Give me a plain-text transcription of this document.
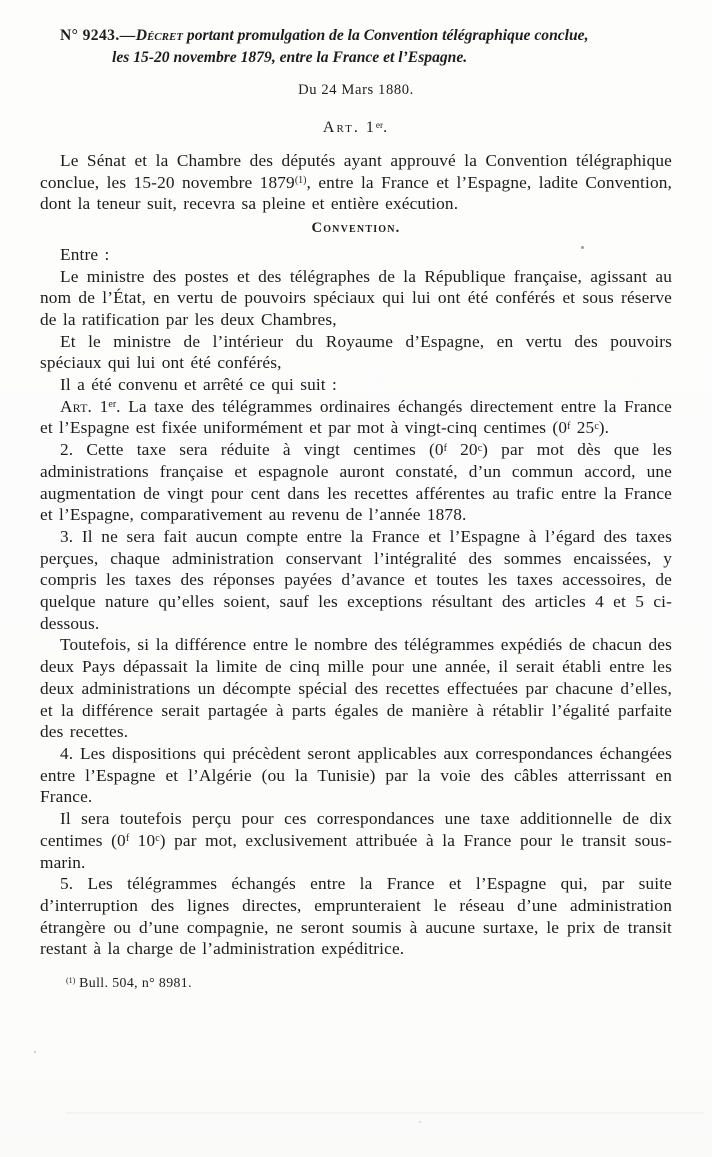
N° 9243.—Décret portant promulgation de la Convention télégraphique conclue,
les 15-20 novembre 1879, entre la France et l’Espagne.
Du 24 Mars 1880.
Art. 1er.

Le Sénat et la Chambre des députés ayant approuvé la Convention télégraphique conclue, les 15-20 novembre 1879$^{(1)}$, entre la France et l’Espagne, ladite Convention, dont la teneur suit, recevra sa pleine et entière exécution.

Convention.

Entre :

Le ministre des postes et des télégraphes de la République française, agissant au nom de l’État, en vertu de pouvoirs spéciaux qui lui ont été conférés et sous réserve de la ratification par les deux Chambres,

Et le ministre de l’intérieur du Royaume d’Espagne, en vertu des pouvoirs spéciaux qui lui ont été conférés,

Il a été convenu et arrêté ce qui suit :

Art. 1er. La taxe des télégrammes ordinaires échangés directement entre la France et l’Espagne est fixée uniformément et par mot à vingt-cinq centimes (0$^f$ 25$^c$).

2. Cette taxe sera réduite à vingt centimes (0$^f$ 20$^c$) par mot dès que les administrations française et espagnole auront constaté, d’un commun accord, une augmentation de vingt pour cent dans les recettes afférentes au trafic entre la France et l’Espagne, comparativement au revenu de l’année 1878.

3. Il ne sera fait aucun compte entre la France et l’Espagne à l’égard des taxes perçues, chaque administration conservant l’intégralité des sommes encaissées, y compris les taxes des réponses payées d’avance et toutes les taxes accessoires, de quelque nature qu’elles soient, sauf les exceptions résultant des articles 4 et 5 ci-dessous.

Toutefois, si la différence entre le nombre des télégrammes expédiés de chacun des deux Pays dépassait la limite de cinq mille pour une année, il serait établi entre les deux administrations un décompte spécial des recettes effectuées par chacune d’elles, et la différence serait partagée à parts égales de manière à rétablir l’égalité parfaite des recettes.

4. Les dispositions qui précèdent seront applicables aux correspondances échangées entre l’Espagne et l’Algérie (ou la Tunisie) par la voie des câbles atterrissant en France.

Il sera toutefois perçu pour ces correspondances une taxe additionnelle de dix centimes (0$^f$ 10$^c$) par mot, exclusivement attribuée à la France pour le transit sous-marin.

5. Les télégrammes échangés entre la France et l’Espagne qui, par suite d’interruption des lignes directes, emprunteraient le réseau d’une administration étrangère ou d’une compagnie, ne seront soumis à aucune surtaxe, le prix de transit restant à la charge de l’administration expéditrice.

$^{(1)}$ Bull. 504, n° 8981.
